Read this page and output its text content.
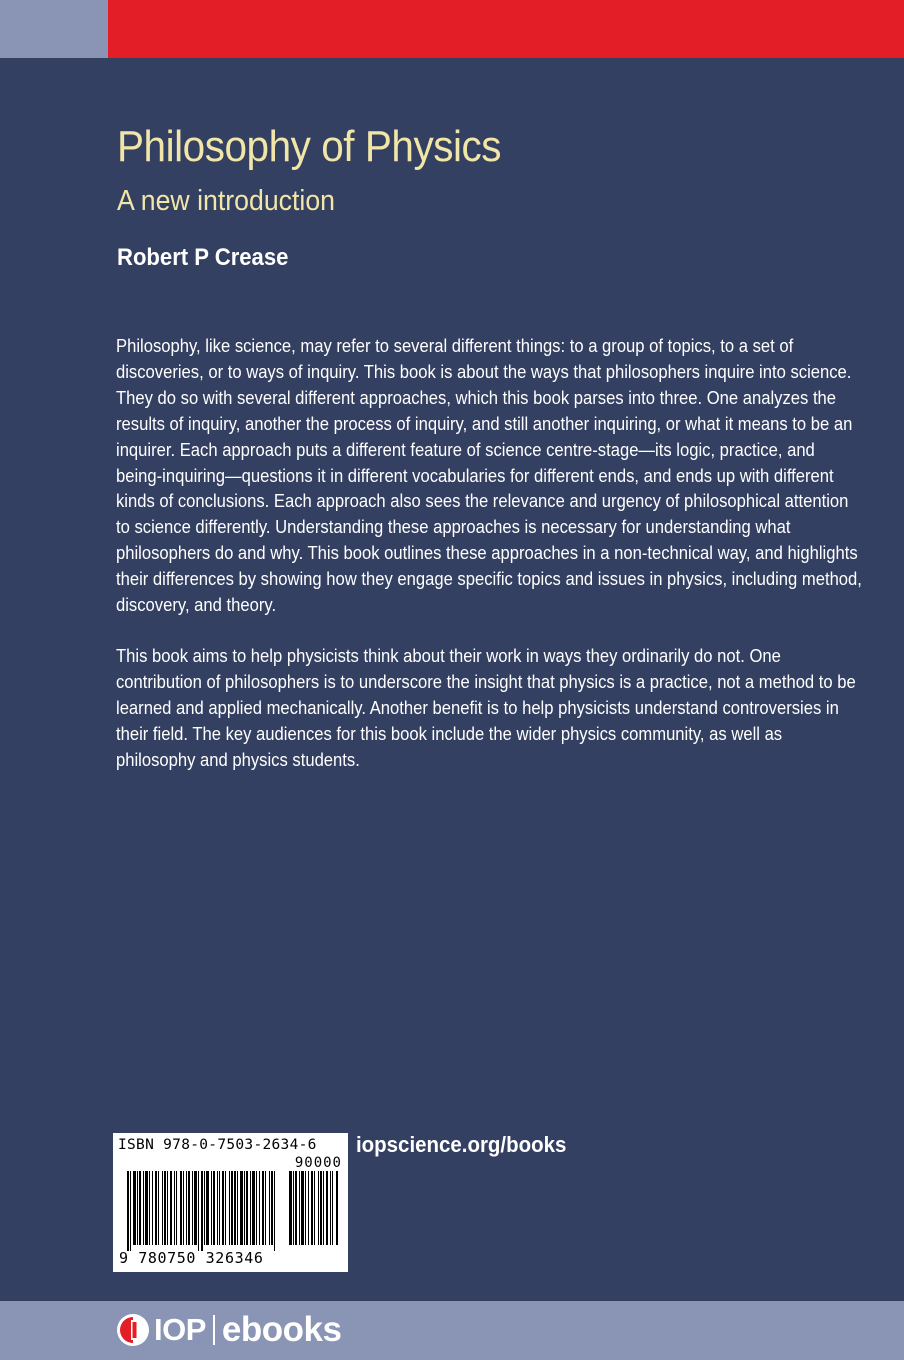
Philosophy of Physics
A new introduction
Robert P Crease

Philosophy, like science, may refer to several different things: to a group of topics, to a set of discoveries, or to ways of inquiry. This book is about the ways that philosophers inquire into science. They do so with several different approaches, which this book parses into three. One analyzes the results of inquiry, another the process of inquiry, and still another inquiring, or what it means to be an inquirer. Each approach puts a different feature of science centre-stage—its logic, practice, and being-inquiring—questions it in different vocabularies for different ends, and ends up with different kinds of conclusions. Each approach also sees the relevance and urgency of philosophical attention to science differently. Understanding these approaches is necessary for understanding what philosophers do and why. This book outlines these approaches in a non-technical way, and highlights their differences by showing how they engage specific topics and issues in physics, including method, discovery, and theory.

This book aims to help physicists think about their work in ways they ordinarily do not. One contribution of philosophers is to underscore the insight that physics is a practice, not a method to be learned and applied mechanically. Another benefit is to help physicists understand controversies in their field. The key audiences for this book include the wider physics community, as well as philosophy and physics students.

ISBN 978-0-7503-2634-6

90000

9 780750 326346

iopscience.org/books
IOP ebooks
